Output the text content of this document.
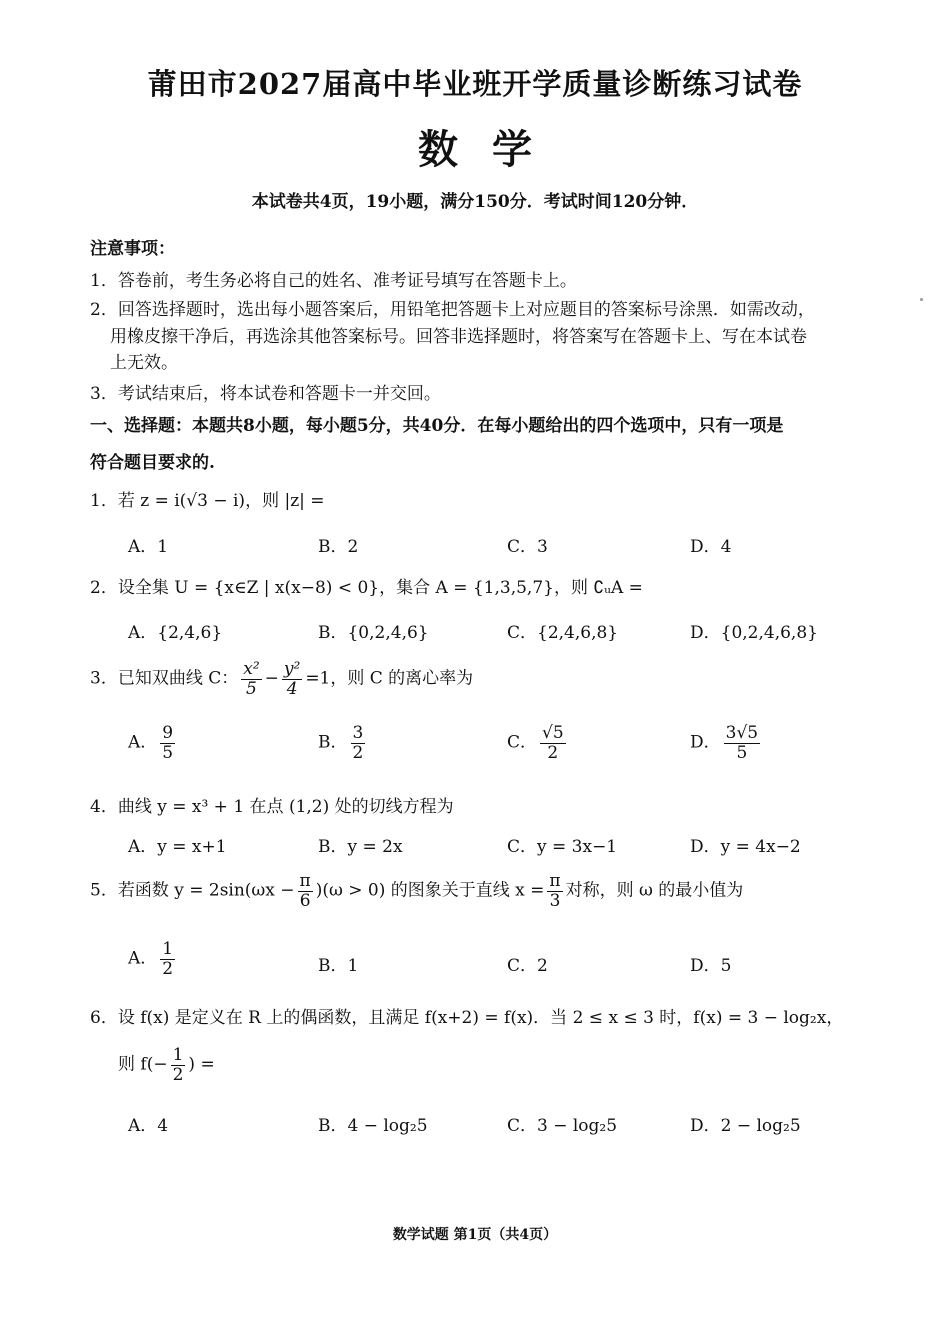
莆田市2027届高中毕业班开学质量诊断练习试卷
数学
本试卷共4页，19小题，满分150分．考试时间120分钟．
注意事项：
1．答卷前，考生务必将自己的姓名、准考证号填写在答题卡上。
2．回答选择题时，选出每小题答案后，用铅笔把答题卡上对应题目的答案标号涂黑．如需改动，
用橡皮擦干净后，再选涂其他答案标号。回答非选择题时，将答案写在答题卡上、写在本试卷
上无效。
3．考试结束后，将本试卷和答题卡一并交回。
一、选择题：本题共8小题，每小题5分，共40分．在每小题给出的四个选项中，只有一项是
符合题目要求的.
1．若 z = i(√3 − i)，则 |z| =
A．1	B．2	C．3	D．4
2．设全集 U = {x∈Z | x(x−8) < 0}，集合 A = {1,3,5,7}，则 ∁ᵤA =
A．{2,4,6}	B．{0,2,4,6}	C．{2,4,6,8}	D．{0,2,4,6,8}
3．已知双曲线 C： $\frac{\text{x²}}{5} - \frac{\text{y²}}{4} =1$，则 C 的离心率为
A． $\frac{9}{5}$	B． $\frac{3}{2}$	C． $\frac{√5}{2}$	D． $\frac{3√5}{5}$
4．曲线 y = x³ + 1 在点 (1,2) 处的切线方程为
A．y = x+1	B．y = 2x	C．y = 3x−1	D．y = 4x−2
5．若函数 $y = 2\sin(\omega x - \frac{\pi}{6} )(\omega > 0)$ 的图象关于直线 $x = \frac{\pi}{3}$ 对称，则 ω 的最小值为
A． $\frac{1}{2}$	B．1	C．2	D．5
6．设 f(x) 是定义在 R 上的偶函数，且满足 f(x+2) = f(x)．当 2 ≤ x ≤ 3 时，f(x) = 3 − log₂x，
则 $f(- \frac{1}{2}$ ) =
A．4	B．4 − log₂5	C．3 − log₂5	D．2 − log₂5
数学试题 第1页（共4页）
